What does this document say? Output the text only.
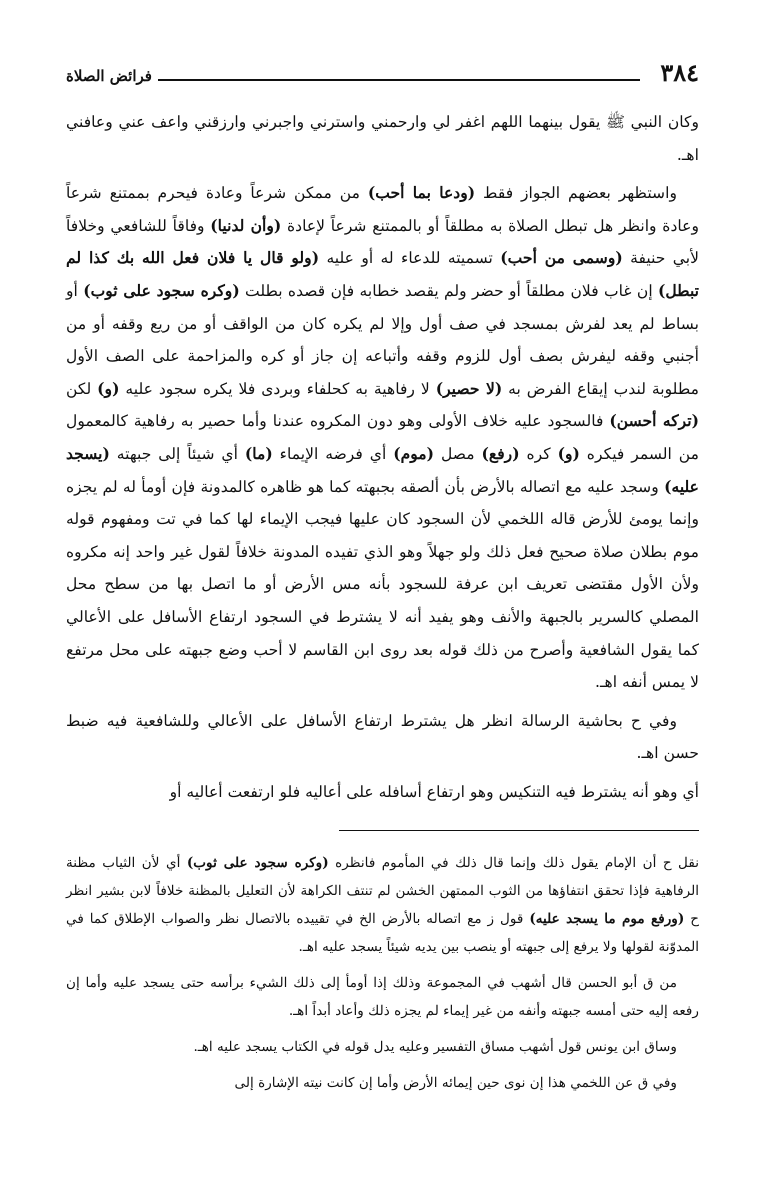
٣٨٤
فرائض الصلاة

وكان النبي ﷺ يقول بينهما اللهم اغفر لي وارحمني واسترني واجبرني وارزقني واعف عني وعافني اهـ.

واستظهر بعضهم الجواز فقط (ودعا بما أحب) من ممكن شرعاً وعادة فيحرم بممتنع شرعاً وعادة وانظر هل تبطل الصلاة به مطلقاً أو بالممتنع شرعاً لإعادة (وأن لدنيا) وفاقاً للشافعي وخلافاً لأبي حنيفة (وسمى من أحب) تسميته للدعاء له أو عليه (ولو قال يا فلان فعل الله بك كذا لم تبطل) إن غاب فلان مطلقاً أو حضر ولم يقصد خطابه فإن قصده بطلت (وكره سجود على ثوب) أو بساط لم يعد لفرش بمسجد في صف أول وإلا لم يكره كان من الواقف أو من ريع وقفه أو من أجنبي وقفه ليفرش بصف أول للزوم وقفه وأتباعه إن جاز أو كره والمزاحمة على الصف الأول مطلوبة لندب إيقاع الفرض به (لا حصير) لا رفاهية به كحلفاء وبردى فلا يكره سجود عليه (و) لكن (تركه أحسن) فالسجود عليه خلاف الأولى وهو دون المكروه عندنا وأما حصير به رفاهية كالمعمول من السمر فيكره (و) كره (رفع) مصل (موم) أي فرضه الإيماء (ما) أي شيئاً إلى جبهته (يسجد عليه) وسجد عليه مع اتصاله بالأرض بأن ألصقه بجبهته كما هو ظاهره كالمدونة فإن أومأ له لم يجزه وإنما يومئ للأرض قاله اللخمي لأن السجود كان عليها فيجب الإيماء لها كما في تت ومفهوم قوله موم بطلان صلاة صحيح فعل ذلك ولو جهلاً وهو الذي تفيده المدونة خلافاً لقول غير واحد إنه مكروه ولأن الأول مقتضى تعريف ابن عرفة للسجود بأنه مس الأرض أو ما اتصل بها من سطح محل المصلي كالسرير بالجبهة والأنف وهو يفيد أنه لا يشترط في السجود ارتفاع الأسافل على الأعالي كما يقول الشافعية وأصرح من ذلك قوله بعد روى ابن القاسم لا أحب وضع جبهته على محل مرتفع لا يمس أنفه اهـ.

وفي ح بحاشية الرسالة انظر هل يشترط ارتفاع الأسافل على الأعالي وللشافعية فيه ضبط حسن اهـ.

أي وهو أنه يشترط فيه التنكيس وهو ارتفاع أسافله على أعاليه فلو ارتفعت أعاليه أو

نقل ح أن الإمام يقول ذلك وإنما قال ذلك في المأموم فانظره (وكره سجود على ثوب) أي لأن الثياب مظنة الرفاهية فإذا تحقق انتفاؤها من الثوب الممتهن الخشن لم تنتف الكراهة لأن التعليل بالمظنة خلافاً لابن بشير انظر ح (ورفع موم ما يسجد عليه) قول ز مع اتصاله بالأرض الخ في تقييده بالاتصال نظر والصواب الإطلاق كما في المدوّنة لقولها ولا يرفع إلى جبهته أو ينصب بين يديه شيئاً يسجد عليه اهـ.

من ق أبو الحسن قال أشهب في المجموعة وذلك إذا أومأ إلى ذلك الشيء برأسه حتى يسجد عليه وأما إن رفعه إليه حتى أمسه جبهته وأنفه من غير إيماء لم يجزه ذلك وأعاد أبداً اهـ.

وساق ابن يونس قول أشهب مساق التفسير وعليه يدل قوله في الكتاب يسجد عليه اهـ.

وفي ق عن اللخمي هذا إن نوى حين إيمائه الأرض وأما إن كانت نيته الإشارة إلى
